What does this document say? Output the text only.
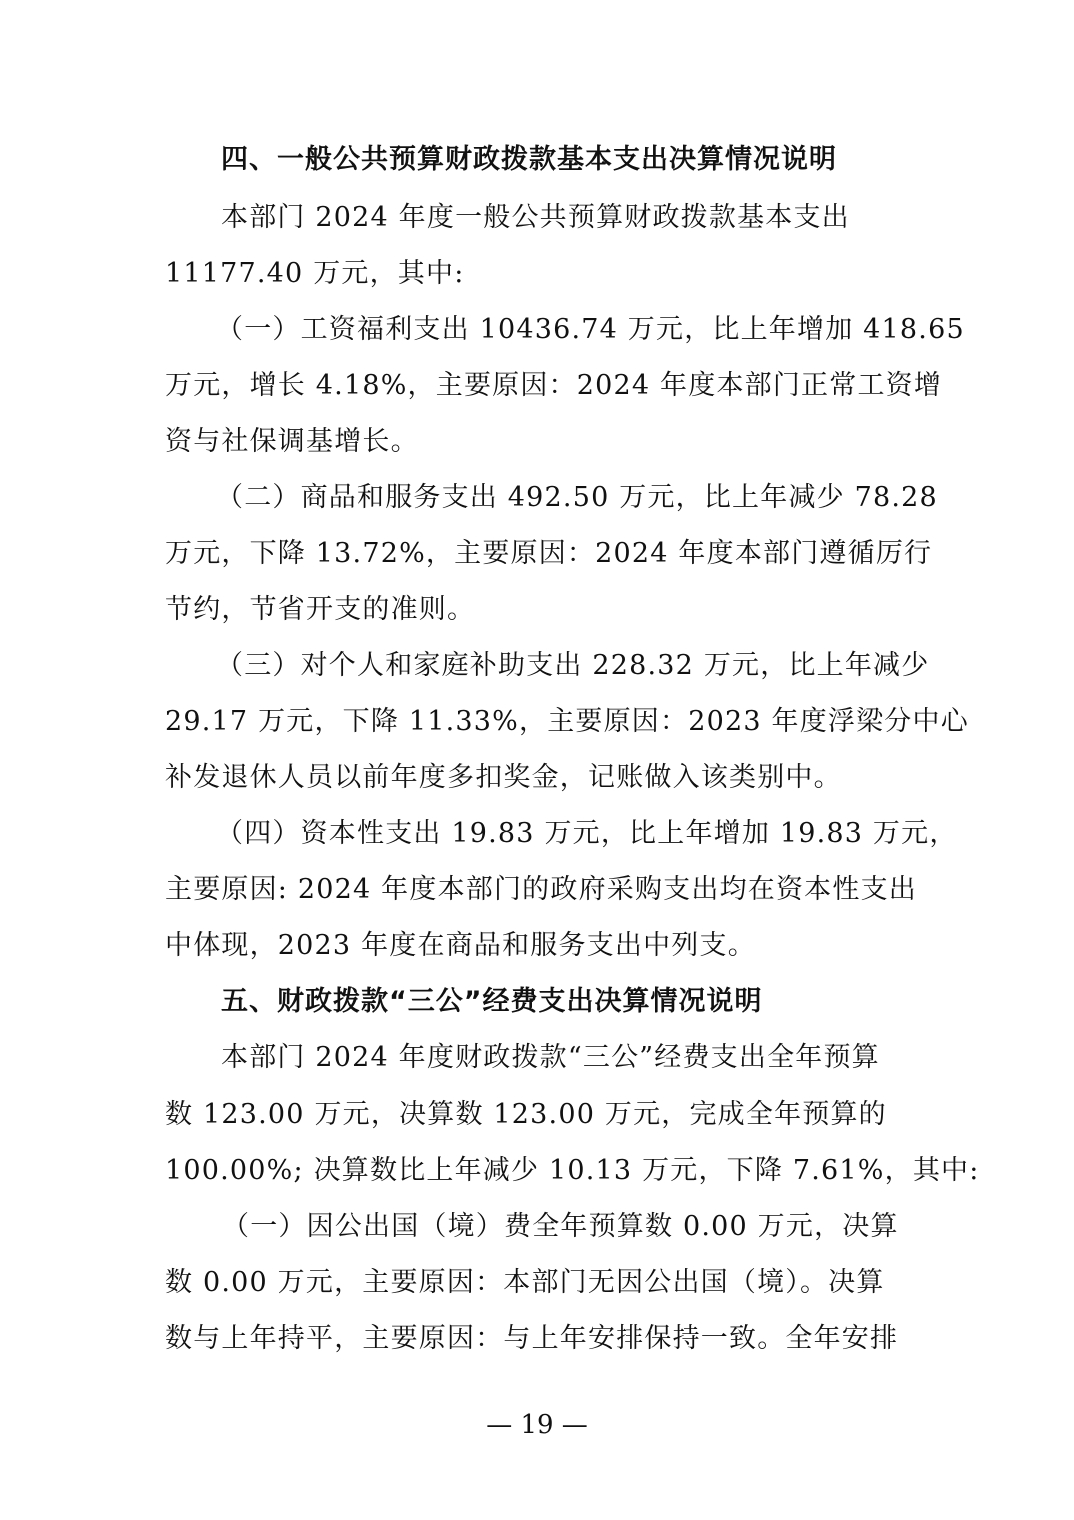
四、一般公共预算财政拨款基本支出决算情况说明
本部门 2024 年度一般公共预算财政拨款基本支出
11177.40 万元，其中:
（一）工资福利支出 10436.74 万元，比上年增加 418.65
万元，增长 4.18%，主要原因：2024 年度本部门正常工资增
资与社保调基增长。
（二）商品和服务支出 492.50 万元，比上年减少 78.28
万元，下降 13.72%，主要原因：2024 年度本部门遵循厉行
节约，节省开支的准则。
（三）对个人和家庭补助支出 228.32 万元，比上年减少
29.17 万元，下降 11.33%，主要原因：2023 年度浮梁分中心
补发退休人员以前年度多扣奖金，记账做入该类别中。
（四）资本性支出 19.83 万元，比上年增加 19.83 万元，
主要原因: 2024 年度本部门的政府采购支出均在资本性支出
中体现，2023 年度在商品和服务支出中列支。
五、财政拨款“三公”经费支出决算情况说明
本部门 2024 年度财政拨款“三公”经费支出全年预算
数 123.00 万元，决算数 123.00 万元，完成全年预算的
100.00%; 决算数比上年减少 10.13 万元，下降 7.61%，其中:
（一）因公出国（境）费全年预算数 0.00 万元，决算
数 0.00 万元，主要原因：本部门无因公出国（境）。决算
数与上年持平，主要原因：与上年安排保持一致。全年安排
— 19 —
